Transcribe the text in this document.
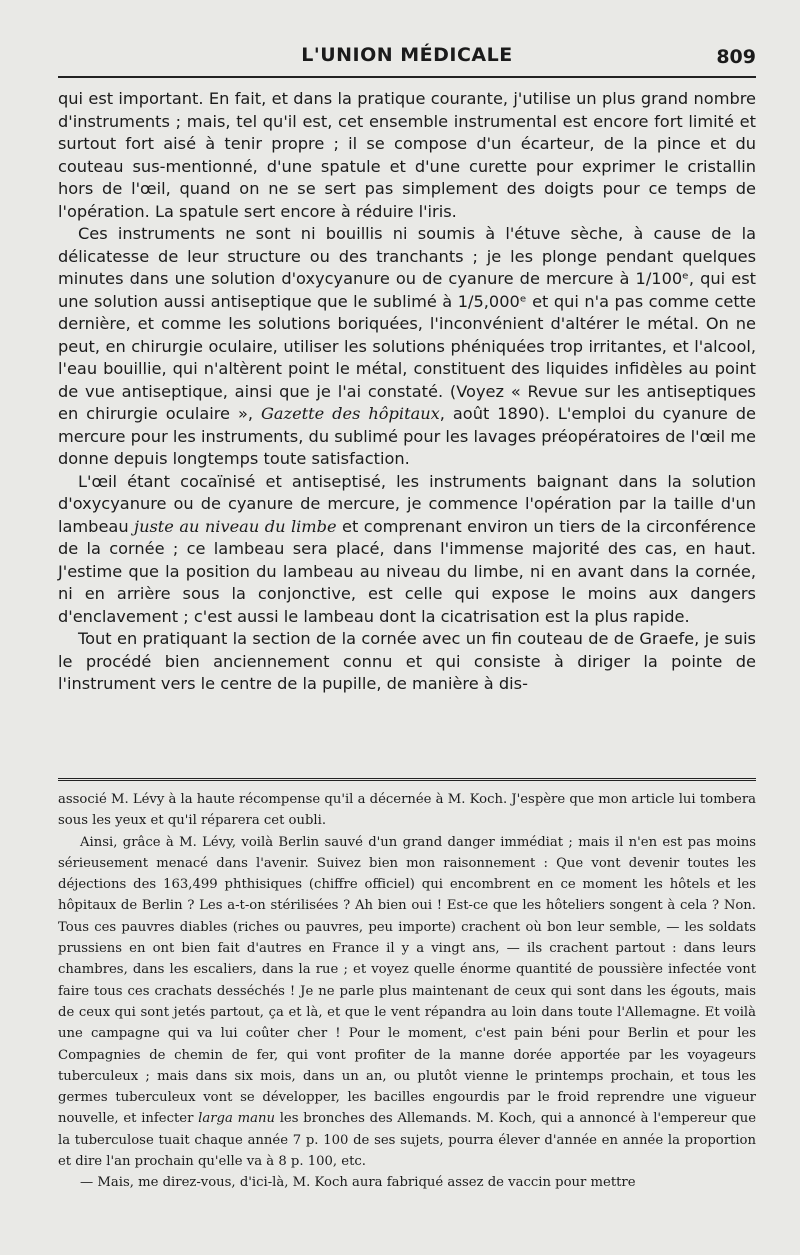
L'UNION MÉDICALE	809

qui est important. En fait, et dans la pratique courante, j'utilise un plus grand nombre d'instruments ; mais, tel qu'il est, cet ensemble instrumental est encore fort limité et surtout fort aisé à tenir propre ; il se compose d'un écarteur, de la pince et du couteau sus-mentionné, d'une spatule et d'une curette pour exprimer le cristallin hors de l'œil, quand on ne se sert pas simplement des doigts pour ce temps de l'opération. La spatule sert encore à réduire l'iris.

Ces instruments ne sont ni bouillis ni soumis à l'étuve sèche, à cause de la délicatesse de leur structure ou des tranchants ; je les plonge pendant quelques minutes dans une solution d'oxycyanure ou de cyanure de mercure à 1/100ᵉ, qui est une solution aussi antiseptique que le sublimé à 1/5,000ᵉ et qui n'a pas comme cette dernière, et comme les solutions boriquées, l'inconvénient d'altérer le métal. On ne peut, en chirurgie oculaire, utiliser les solutions phéniquées trop irritantes, et l'alcool, l'eau bouillie, qui n'altèrent point le métal, constituent des liquides infidèles au point de vue antiseptique, ainsi que je l'ai constaté. (Voyez « Revue sur les antiseptiques en chirurgie oculaire », Gazette des hôpitaux, août 1890). L'emploi du cyanure de mercure pour les instruments, du sublimé pour les lavages préopératoires de l'œil me donne depuis longtemps toute satisfaction.

L'œil étant cocaïnisé et antiseptisé, les instruments baignant dans la solution d'oxycyanure ou de cyanure de mercure, je commence l'opération par la taille d'un lambeau juste au niveau du limbe et comprenant environ un tiers de la circonférence de la cornée ; ce lambeau sera placé, dans l'immense majorité des cas, en haut. J'estime que la position du lambeau au niveau du limbe, ni en avant dans la cornée, ni en arrière sous la conjonctive, est celle qui expose le moins aux dangers d'enclavement ; c'est aussi le lambeau dont la cicatrisation est la plus rapide.

Tout en pratiquant la section de la cornée avec un fin couteau de de Graefe, je suis le procédé bien anciennement connu et qui consiste à diriger la pointe de l'instrument vers le centre de la pupille, de manière à dis-

associé M. Lévy à la haute récompense qu'il a décernée à M. Koch. J'espère que mon article lui tombera sous les yeux et qu'il réparera cet oubli.

Ainsi, grâce à M. Lévy, voilà Berlin sauvé d'un grand danger immédiat ; mais il n'en est pas moins sérieusement menacé dans l'avenir. Suivez bien mon raisonnement : Que vont devenir toutes les déjections des 163,499 phthisiques (chiffre officiel) qui encombrent en ce moment les hôtels et les hôpitaux de Berlin ? Les a-t-on stérilisées ? Ah bien oui ! Est-ce que les hôteliers songent à cela ? Non. Tous ces pauvres diables (riches ou pauvres, peu importe) crachent où bon leur semble, — les soldats prussiens en ont bien fait d'autres en France il y a vingt ans, — ils crachent partout : dans leurs chambres, dans les escaliers, dans la rue ; et voyez quelle énorme quantité de poussière infectée vont faire tous ces crachats desséchés ! Je ne parle plus maintenant de ceux qui sont dans les égouts, mais de ceux qui sont jetés partout, ça et là, et que le vent répandra au loin dans toute l'Allemagne. Et voilà une campagne qui va lui coûter cher ! Pour le moment, c'est pain béni pour Berlin et pour les Compagnies de chemin de fer, qui vont profiter de la manne dorée apportée par les voyageurs tuberculeux ; mais dans six mois, dans un an, ou plutôt vienne le printemps prochain, et tous les germes tuberculeux vont se développer, les bacilles engourdis par le froid reprendre une vigueur nouvelle, et infecter larga manu les bronches des Allemands. M. Koch, qui a annoncé à l'empereur que la tuberculose tuait chaque année 7 p. 100 de ses sujets, pourra élever d'année en année la proportion et dire l'an prochain qu'elle va à 8 p. 100, etc.

— Mais, me direz-vous, d'ici-là, M. Koch aura fabriqué assez de vaccin pour mettre
